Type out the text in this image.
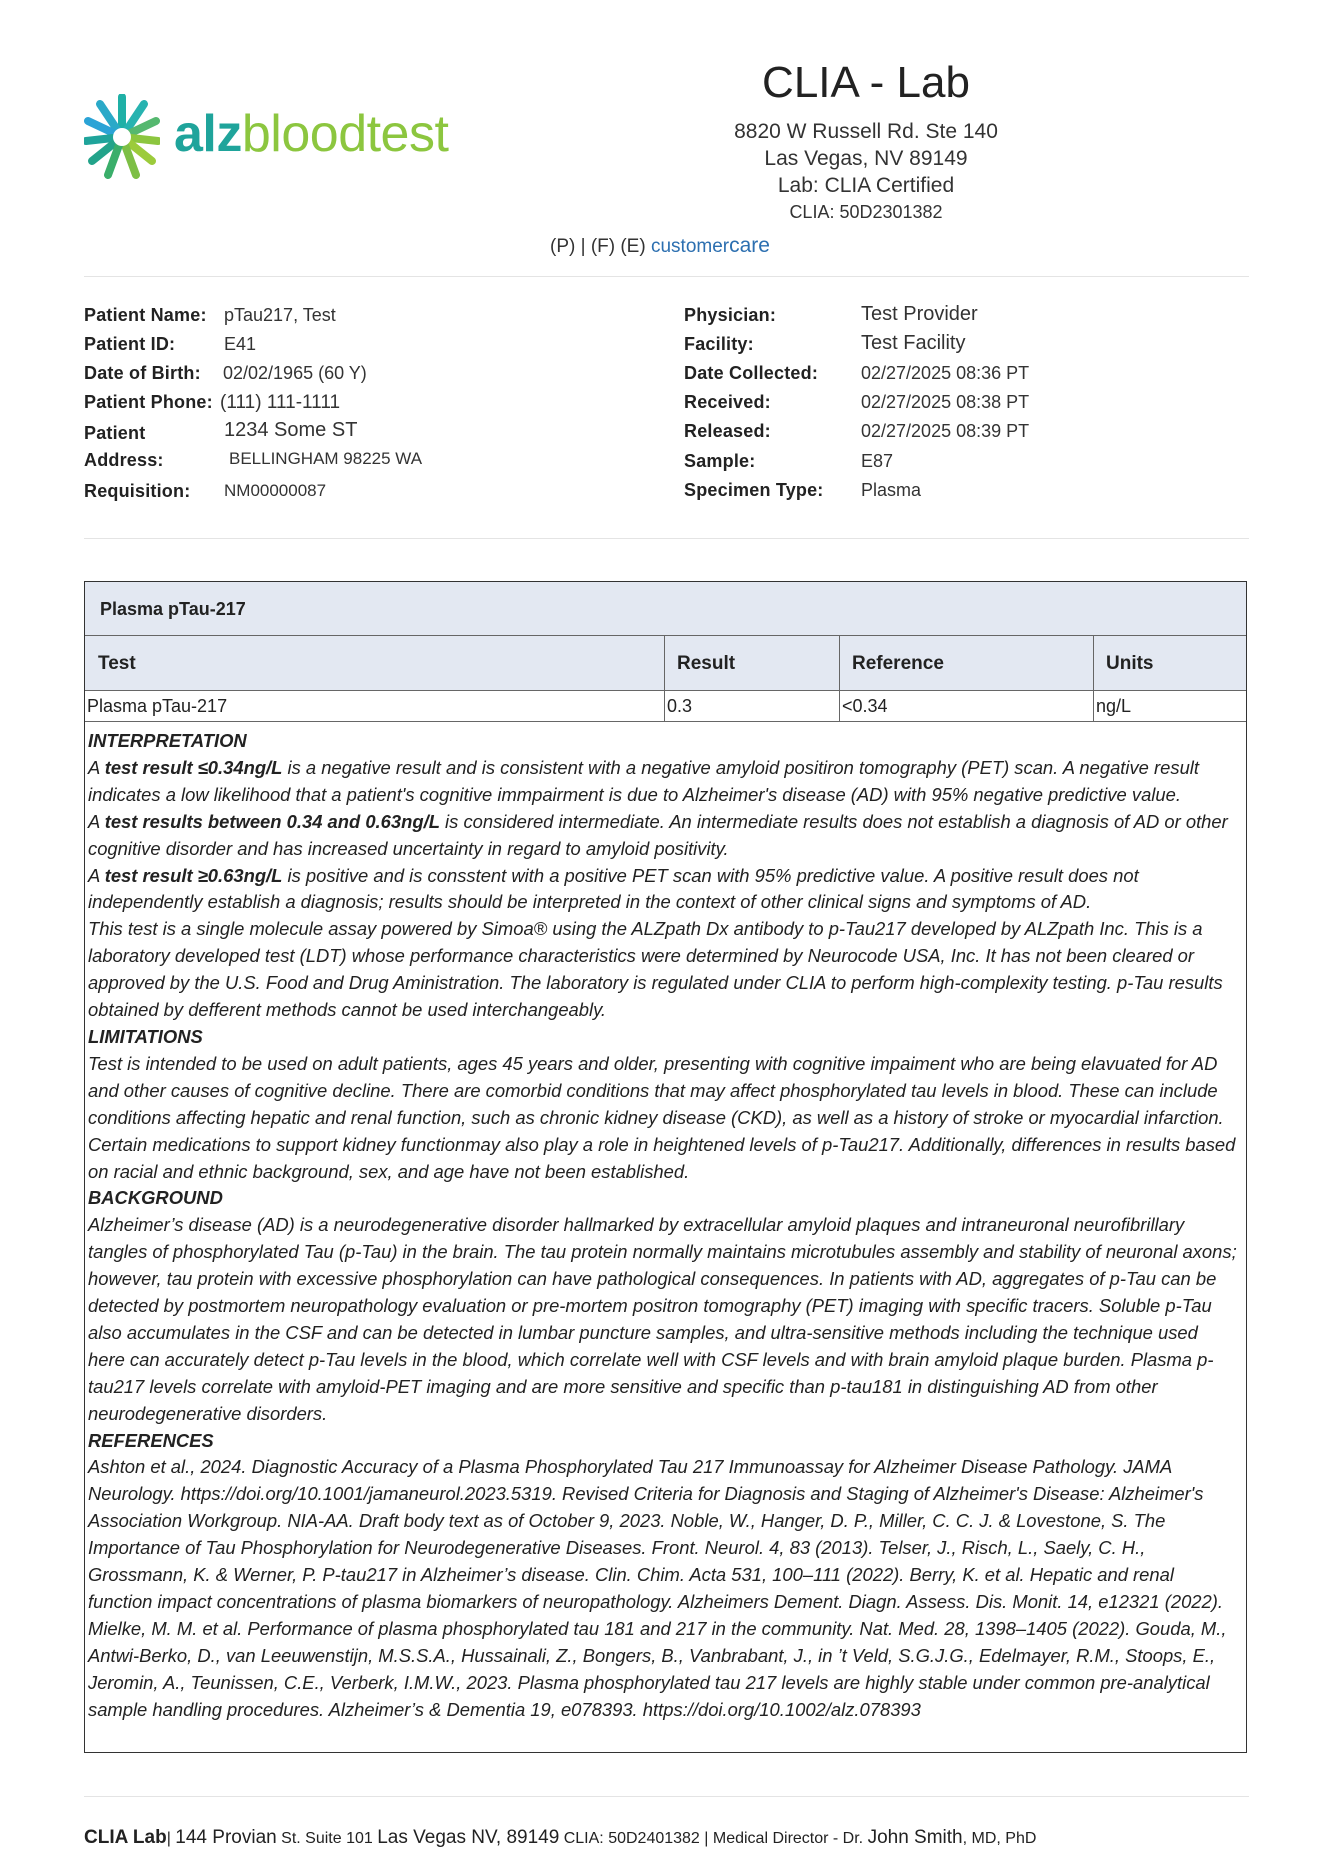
alzbloodtest
CLIA - Lab
8820 W Russell Rd. Ste 140
Las Vegas, NV 89149
Lab: CLIA Certified
CLIA: 50D2301382
(P) | (F) (E) customercare
Patient Name: pTau217, Test
Patient ID:	E41
Date of Birth: 02/02/1965 (60 Y)
Patient Phone: (111) 111-1111
Patient
Address:
1234 Some ST
BELLINGHAM 98225 WA
Requisition: NM00000087
Physician:	Test Provider
Facility:	Test Facility
Date Collected: 02/27/2025 08:36 PT
Received:	02/27/2025 08:38 PT
Released:	02/27/2025 08:39 PT
Sample:	E87
Specimen Type: Plasma
Plasma pTau-217
Test	Result	Reference	Units
Plasma pTau-217	0.3	<0.34	ng/L

INTERPRETATION

A test result ≤0.34ng/L is a negative result and is consistent with a negative amyloid positiron tomography (PET) scan. A negative result indicates a low likelihood that a patient's cognitive immpairment is due to Alzheimer's disease (AD) with 95% negative predictive value.

A test results between 0.34 and 0.63ng/L is considered intermediate. An intermediate results does not establish a diagnosis of AD or other cognitive disorder and has increased uncertainty in regard to amyloid positivity.

A test result ≥0.63ng/L is positive and is consstent with a positive PET scan with 95% predictive value. A positive result does not independently establish a diagnosis; results should be interpreted in the context of other clinical signs and symptoms of AD.

This test is a single molecule assay powered by Simoa® using the ALZpath Dx antibody to p-Tau217 developed by ALZpath Inc. This is a laboratory developed test (LDT) whose performance characteristics were determined by Neurocode USA, Inc. It has not been cleared or approved by the U.S. Food and Drug Aministration. The laboratory is regulated under CLIA to perform high-complexity testing. p-Tau results obtained by defferent methods cannot be used interchangeably.

LIMITATIONS

Test is intended to be used on adult patients, ages 45 years and older, presenting with cognitive impaiment who are being elavuated for AD and other causes of cognitive decline. There are comorbid conditions that may affect phosphorylated tau levels in blood. These can include conditions affecting hepatic and renal function, such as chronic kidney disease (CKD), as well as a history of stroke or myocardial infarction. Certain medications to support kidney functionmay also play a role in heightened levels of p-Tau217. Additionally, differences in results based on racial and ethnic background, sex, and age have not been established.

BACKGROUND

Alzheimer’s disease (AD) is a neurodegenerative disorder hallmarked by extracellular amyloid plaques and intraneuronal neurofibrillary tangles of phosphorylated Tau (p-Tau) in the brain. The tau protein normally maintains microtubules assembly and stability of neuronal axons; however, tau protein with excessive phosphorylation can have pathological consequences. In patients with AD, aggregates of p-Tau can be detected by postmortem neuropathology evaluation or pre-mortem positron tomography (PET) imaging with specific tracers. Soluble p-Tau also accumulates in the CSF and can be detected in lumbar puncture samples, and ultra-sensitive methods including the technique used here can accurately detect p-Tau levels in the blood, which correlate well with CSF levels and with brain amyloid plaque burden. Plasma p-tau217 levels correlate with amyloid-PET imaging and are more sensitive and specific than p-tau181 in distinguishing AD from other neurodegenerative disorders.

REFERENCES

Ashton et al., 2024. Diagnostic Accuracy of a Plasma Phosphorylated Tau 217 Immunoassay for Alzheimer Disease Pathology. JAMA Neurology. https://doi.org/10.1001/jamaneurol.2023.5319. Revised Criteria for Diagnosis and Staging of Alzheimer's Disease: Alzheimer's Association Workgroup. NIA-AA. Draft body text as of October 9, 2023. Noble, W., Hanger, D. P., Miller, C. C. J. & Lovestone, S. The Importance of Tau Phosphorylation for Neurodegenerative Diseases. Front. Neurol. 4, 83 (2013). Telser, J., Risch, L., Saely, C. H., Grossmann, K. & Werner, P. P-tau217 in Alzheimer’s disease. Clin. Chim. Acta 531, 100–111 (2022). Berry, K. et al. Hepatic and renal function impact concentrations of plasma biomarkers of neuropathology. Alzheimers Dement. Diagn. Assess. Dis. Monit. 14, e12321 (2022). Mielke, M. M. et al. Performance of plasma phosphorylated tau 181 and 217 in the community. Nat. Med. 28, 1398–1405 (2022). Gouda, M., Antwi-Berko, D., van Leeuwenstijn, M.S.S.A., Hussainali, Z., Bongers, B., Vanbrabant, J., in ’t Veld, S.G.J.G., Edelmayer, R.M., Stoops, E., Jeromin, A., Teunissen, C.E., Verberk, I.M.W., 2023. Plasma phosphorylated tau 217 levels are highly stable under common pre-analytical sample handling procedures. Alzheimer’s & Dementia 19, e078393. https://doi.org/10.1002/alz.078393

CLIA Lab| 144 Provian St. Suite 101 Las Vegas NV, 89149 CLIA: 50D2401382 | Medical Director - Dr. John Smith, MD, PhD
